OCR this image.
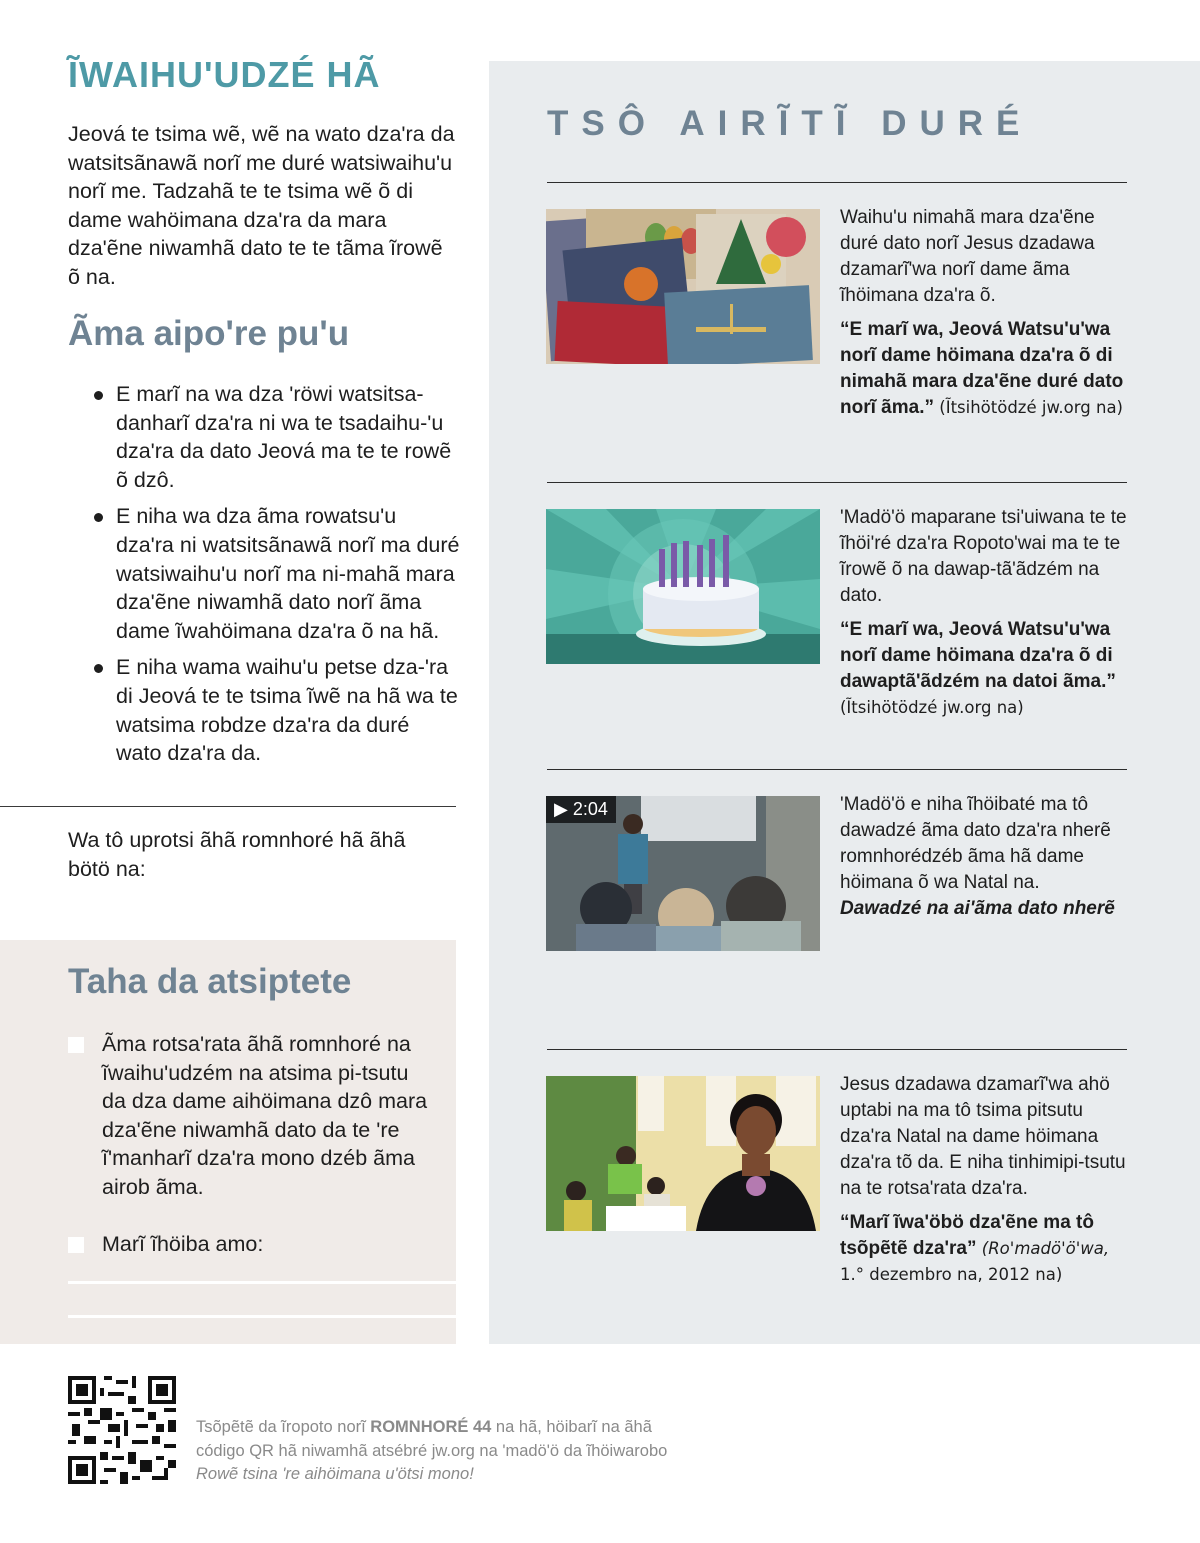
ĨWAIHU'UDZÉ HÃ

Jeová te tsima wẽ, wẽ na wato dza'ra da watsitsãnawã norĩ me duré watsiwaihu'u norĩ me. Tadzahã te te tsima wẽ õ di dame wahöimana dza'ra da mara dza'ẽne niwamhã dato te te tãma ĩrowẽ õ na.

Ãma aipo're pu'u
E marĩ na wa dza 'röwi watsitsa-danharĩ dza'ra ni wa te tsadaihu-'u dza'ra da dato Jeová ma te te rowẽ õ dzô.
E niha wa dza ãma rowatsu'u dza'ra ni watsitsãnawã norĩ ma duré watsiwaihu'u norĩ ma ni-mahã mara dza'ẽne niwamhã dato norĩ ãma dame ĩwahöimana dza'ra õ na hã.
E niha wama waihu'u petse dza-'ra di Jeová te te tsima ĩwẽ na hã wa te watsima robdze dza'ra da duré wato dza'ra da.

Wa tô uprotsi ãhã romnhoré hã ãhã bötö na:

Taha da atsiptete
Ãma rotsa'rata ãhã romnhoré na ĩwaihu'udzém na atsima pi-tsutu da dza dame aihöimana dzô mara dza'ẽne niwamhã dato da te 're ĩ'manharĩ dza'ra mono dzéb ãma airob ãma.
Marĩ ĩhöiba amo:
TSÔ AIRĨTĨ DURÉ

Waihu'u nimahã mara dza'ẽne duré dato norĩ Jesus dzadawa dzamarĩ'wa norĩ dame ãma ĩhöimana dza'ra õ.

“E marĩ wa, Jeová Watsu'u'wa norĩ dame höimana dza'ra õ di nimahã mara dza'ẽne duré dato norĩ ãma.” (Ĩtsihötödzé jw.org na)

'Madö'ö maparane tsi'uiwana te te ĩhöi'ré dza'ra Ropoto'wai ma te te ĩrowẽ õ na dawap-tã'ãdzém na dato.

“E marĩ wa, Jeová Watsu'u'wa norĩ dame höimana dza'ra õ di dawaptã'ãdzém na datoi ãma.” (Ĩtsihötödzé jw.org na)

▶ 2:04	'Madö'ö e niha ĩhöibaté ma tô dawadzé ãma dato dza'ra nherẽ romnhorédzéb ãma hã dame höimana õ wa Natal na.

Dawadzé na ai'ãma dato nherẽ

Jesus dzadawa dzamarĩ'wa ahö uptabi na ma tô tsima pitsutu dza'ra Natal na dame höimana dza'ra tõ da. E niha tinhimipi-tsutu na te rotsa'rata dza'ra.

“Marĩ ĩwa'öbö dza'ẽne ma tô tsõpẽtẽ dza'ra” (Ro'madö'ö'wa, 1.° dezembro na, 2012 na)

Tsõpẽtẽ da ĩropoto norĩ ROMNHORÉ 44 na hã, höibarĩ na ãhã código QR hã niwamhã atsébré jw.org na 'madö'ö da ĩhöiwarobo Rowẽ tsina 're aihöimana u'ötsi mono!
